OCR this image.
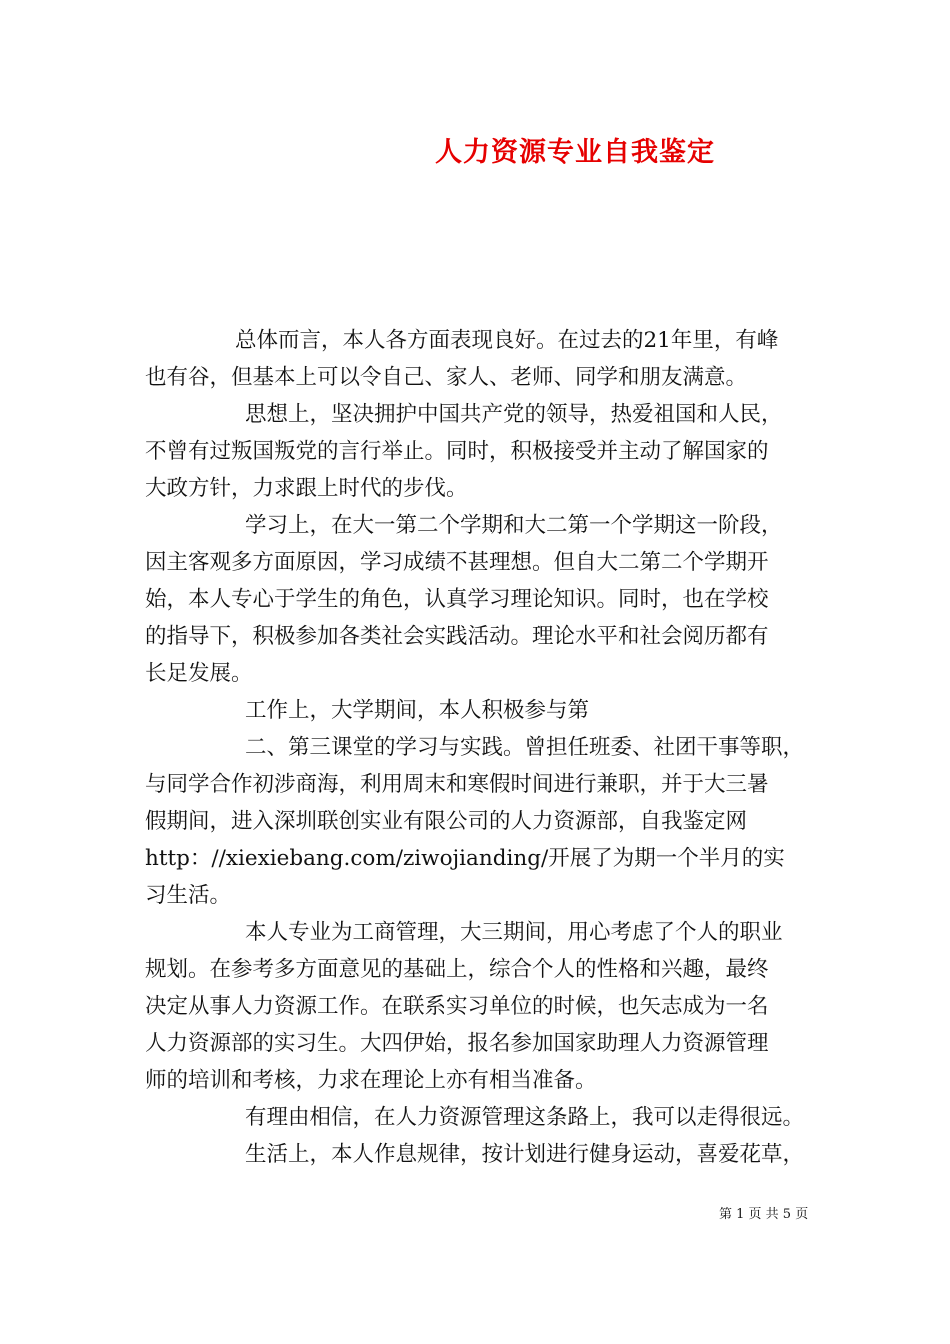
人力资源专业自我鉴定
总体而言，本人各方面表现良好。在过去的21年里，有峰
也有谷，但基本上可以令自己、家人、老师、同学和朋友满意。
思想上，坚决拥护中国共产党的领导，热爱祖国和人民，
不曾有过叛国叛党的言行举止。同时，积极接受并主动了解国家的
大政方针，力求跟上时代的步伐。
学习上，在大一第二个学期和大二第一个学期这一阶段，
因主客观多方面原因，学习成绩不甚理想。但自大二第二个学期开
始，本人专心于学生的角色，认真学习理论知识。同时，也在学校
的指导下，积极参加各类社会实践活动。理论水平和社会阅历都有
长足发展。
工作上，大学期间，本人积极参与第
二、第三课堂的学习与实践。曾担任班委、社团干事等职，
与同学合作初涉商海，利用周末和寒假时间进行兼职，并于大三暑
假期间，进入深圳联创实业有限公司的人力资源部，自我鉴定网
http：//xiexiebang.com/ziwojianding/开展了为期一个半月的实
习生活。
本人专业为工商管理，大三期间，用心考虑了个人的职业
规划。在参考多方面意见的基础上，综合个人的性格和兴趣，最终
决定从事人力资源工作。在联系实习单位的时候，也矢志成为一名
人力资源部的实习生。大四伊始，报名参加国家助理人力资源管理
师的培训和考核，力求在理论上亦有相当准备。
有理由相信，在人力资源管理这条路上，我可以走得很远。
生活上，本人作息规律，按计划进行健身运动，喜爱花草，
第 1 页 共 5 页
